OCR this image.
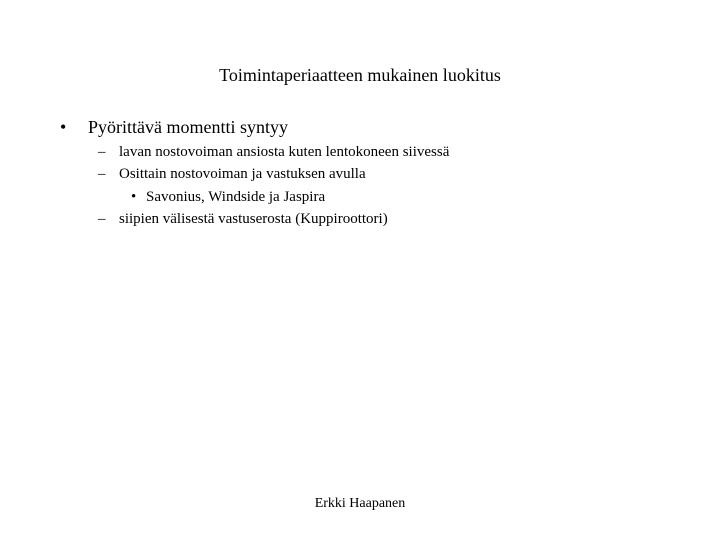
Toimintaperiaatteen mukainen luokitus
• Pyörittävä momentti syntyy
– lavan nostovoiman ansiosta kuten lentokoneen siivessä
– Osittain nostovoiman ja vastuksen avulla
• Savonius, Windside ja Jaspira
– siipien välisestä vastuserosta (Kuppiroottori)
Erkki Haapanen
